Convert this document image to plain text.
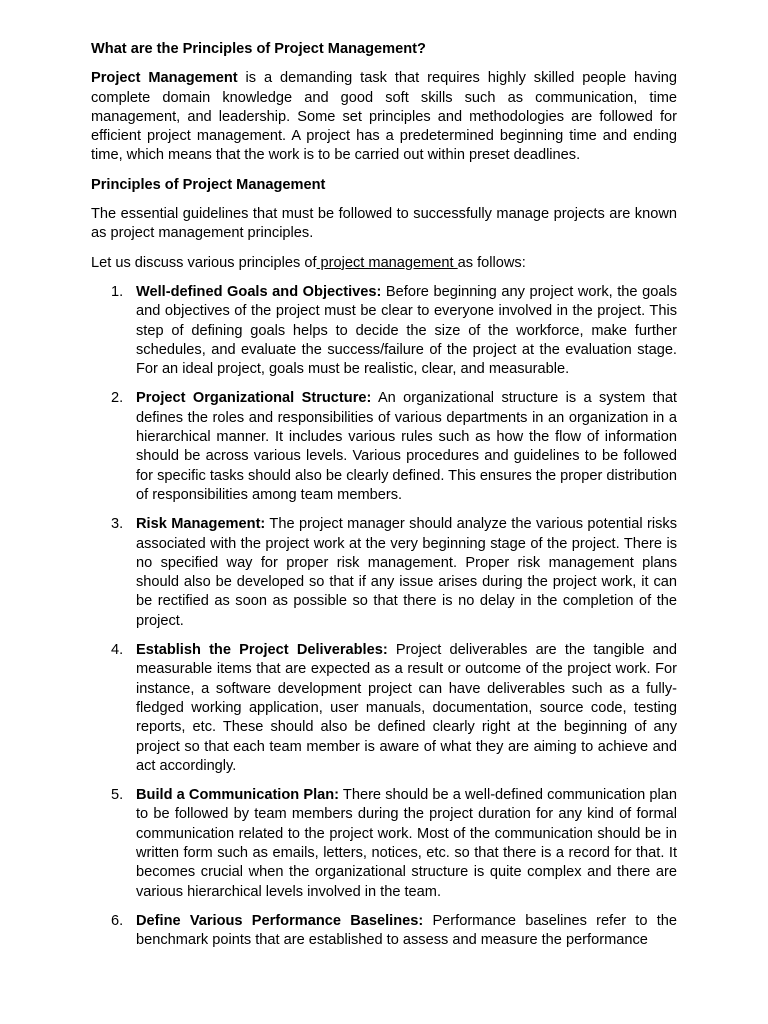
What are the Principles of Project Management?

Project Management is a demanding task that requires highly skilled people having complete domain knowledge and good soft skills such as communication, time management, and leadership. Some set principles and methodologies are followed for efficient project management. A project has a predetermined beginning time and ending time, which means that the work is to be carried out within preset deadlines.

Principles of Project Management

The essential guidelines that must be followed to successfully manage projects are known as project management principles.

Let us discuss various principles of project management as follows:

1. Well-defined Goals and Objectives: Before beginning any project work, the goals and objectives of the project must be clear to everyone involved in the project. This step of defining goals helps to decide the size of the workforce, make further schedules, and evaluate the success/failure of the project at the evaluation stage. For an ideal project, goals must be realistic, clear, and measurable.
2. Project Organizational Structure: An organizational structure is a system that defines the roles and responsibilities of various departments in an organization in a hierarchical manner. It includes various rules such as how the flow of information should be across various levels. Various procedures and guidelines to be followed for specific tasks should also be clearly defined. This ensures the proper distribution of responsibilities among team members.
3. Risk Management: The project manager should analyze the various potential risks associated with the project work at the very beginning stage of the project. There is no specified way for proper risk management. Proper risk management plans should also be developed so that if any issue arises during the project work, it can be rectified as soon as possible so that there is no delay in the completion of the project.
4. Establish the Project Deliverables: Project deliverables are the tangible and measurable items that are expected as a result or outcome of the project work. For instance, a software development project can have deliverables such as a fully-fledged working application, user manuals, documentation, source code, testing reports, etc. These should also be defined clearly right at the beginning of any project so that each team member is aware of what they are aiming to achieve and act accordingly.
5. Build a Communication Plan: There should be a well-defined communication plan to be followed by team members during the project duration for any kind of formal communication related to the project work. Most of the communication should be in written form such as emails, letters, notices, etc. so that there is a record for that. It becomes crucial when the organizational structure is quite complex and there are various hierarchical levels involved in the team.
6. Define Various Performance Baselines: Performance baselines refer to the benchmark points that are established to assess and measure the performance
